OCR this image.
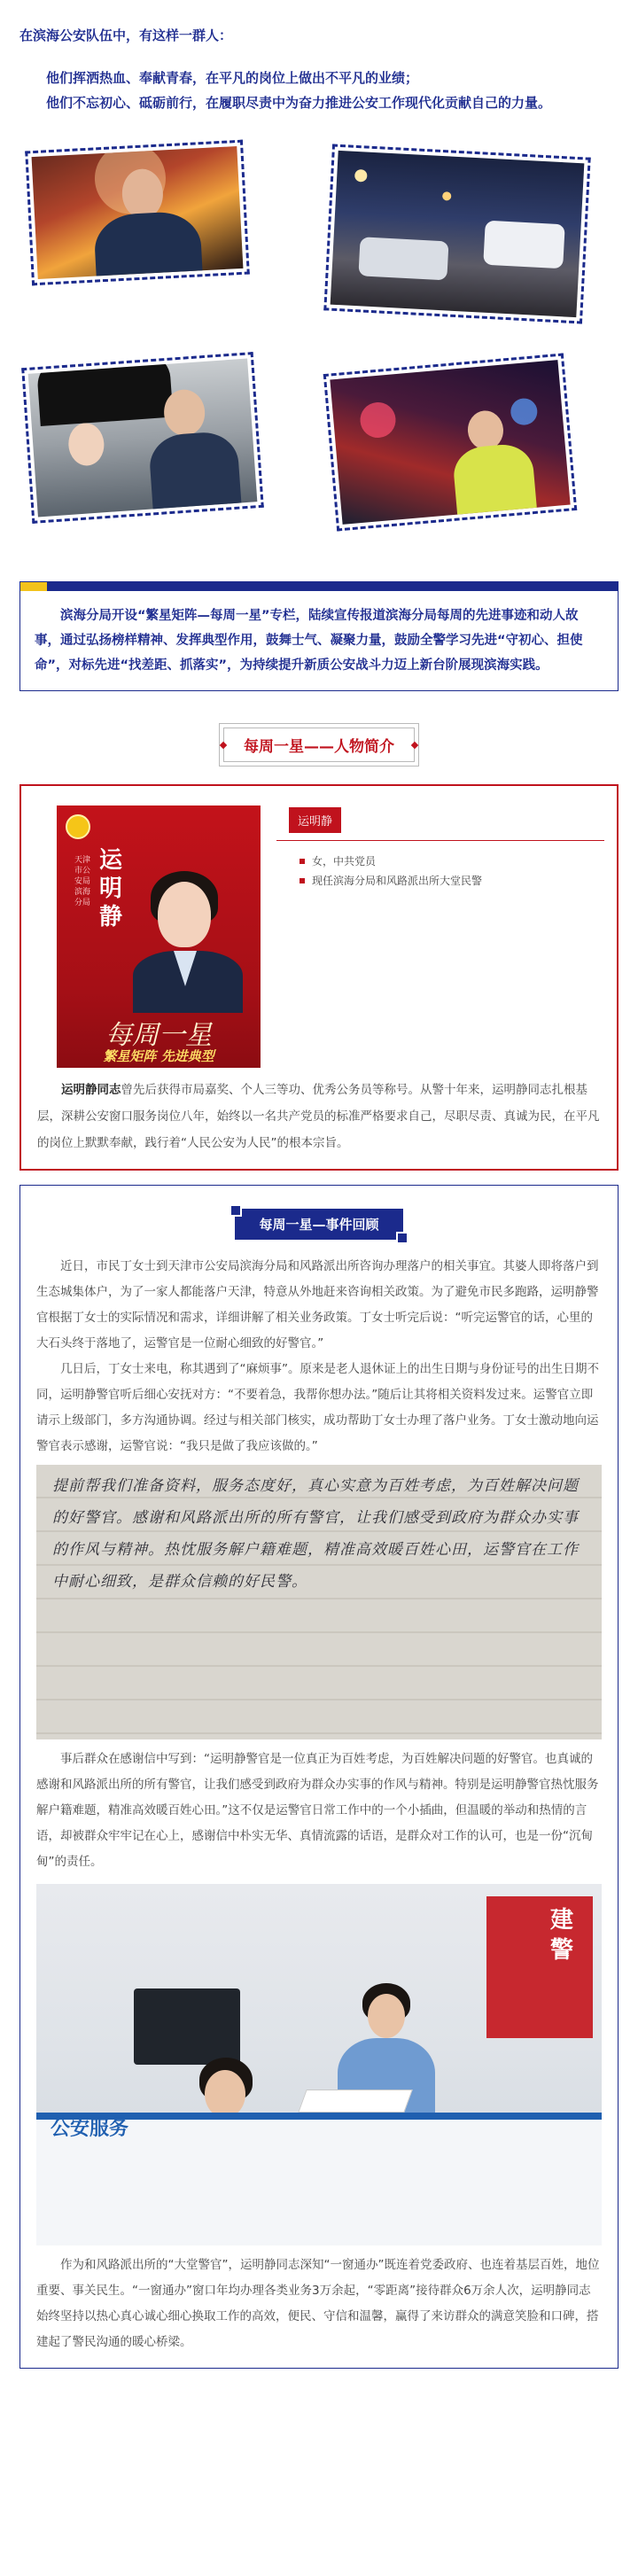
在滨海公安队伍中，有这样一群人：

他们挥洒热血、奉献青春，在平凡的岗位上做出不平凡的业绩；

他们不忘初心、砥砺前行，在履职尽责中为奋力推进公安工作现代化贡献自己的力量。

滨海分局开设“繁星矩阵—每周一星”专栏，陆续宣传报道滨海分局每周的先进事迹和动人故事，通过弘扬榜样精神、发挥典型作用，鼓舞士气、凝聚力量，鼓励全警学习先进“守初心、担使命”，对标先进“找差距、抓落实”，为持续提升新质公安战斗力迈上新台阶展现滨海实践。

每周一星——人物简介
天津市公安局滨海分局
运明静
每周一星
繁星矩阵 先进典型
运明静
女，中共党员
现任滨海分局和风路派出所大堂民警

运明静同志曾先后获得市局嘉奖、个人三等功、优秀公务员等称号。从警十年来，运明静同志扎根基层，深耕公安窗口服务岗位八年，始终以一名共产党员的标准严格要求自己，尽职尽责、真诚为民，在平凡的岗位上默默奉献，践行着“人民公安为人民”的根本宗旨。

每周一星—事件回顾

近日，市民丁女士到天津市公安局滨海分局和风路派出所咨询办理落户的相关事宜。其婆人即将落户到生态城集体户，为了一家人都能落户天津，特意从外地赶来咨询相关政策。为了避免市民多跑路，运明静警官根据丁女士的实际情况和需求，详细讲解了相关业务政策。丁女士听完后说：“听完运警官的话，心里的大石头终于落地了，运警官是一位耐心细致的好警官。”

几日后，丁女士来电，称其遇到了“麻烦事”。原来是老人退休证上的出生日期与身份证号的出生日期不同，运明静警官听后细心安抚对方：“不要着急，我帮你想办法。”随后让其将相关资料发过来。运警官立即请示上级部门，多方沟通协调。经过与相关部门核实，成功帮助丁女士办理了落户业务。丁女士激动地向运警官表示感谢，运警官说：“我只是做了我应该做的。”

提前帮我们准备资料，服务态度好，真心实意为百姓考虑，为百姓解决问题的好警官。感谢和风路派出所的所有警官，让我们感受到政府为群众办实事的作风与精神。热忱服务解户籍难题，精准高效暖百姓心田，运警官在工作中耐心细致，是群众信赖的好民警。

事后群众在感谢信中写到：“运明静警官是一位真正为百姓考虑，为百姓解决问题的好警官。也真诚的感谢和风路派出所的所有警官，让我们感受到政府为群众办实事的作风与精神。特别是运明静警官热忱服务解户籍难题，精准高效暖百姓心田。”这不仅是运警官日常工作中的一个小插曲，但温暖的举动和热情的言语，却被群众牢牢记在心上，感谢信中朴实无华、真情流露的话语，是群众对工作的认可，也是一份“沉甸甸”的责任。

建警
公安服务

作为和风路派出所的“大堂警官”，运明静同志深知“一窗通办”既连着党委政府、也连着基层百姓，地位重要、事关民生。“一窗通办”窗口年均办理各类业务3万余起，“零距离”接待群众6万余人次，运明静同志始终坚持以热心真心诚心细心换取工作的高效，便民、守信和温馨，赢得了来访群众的满意笑脸和口碑，搭建起了警民沟通的暖心桥梁。
